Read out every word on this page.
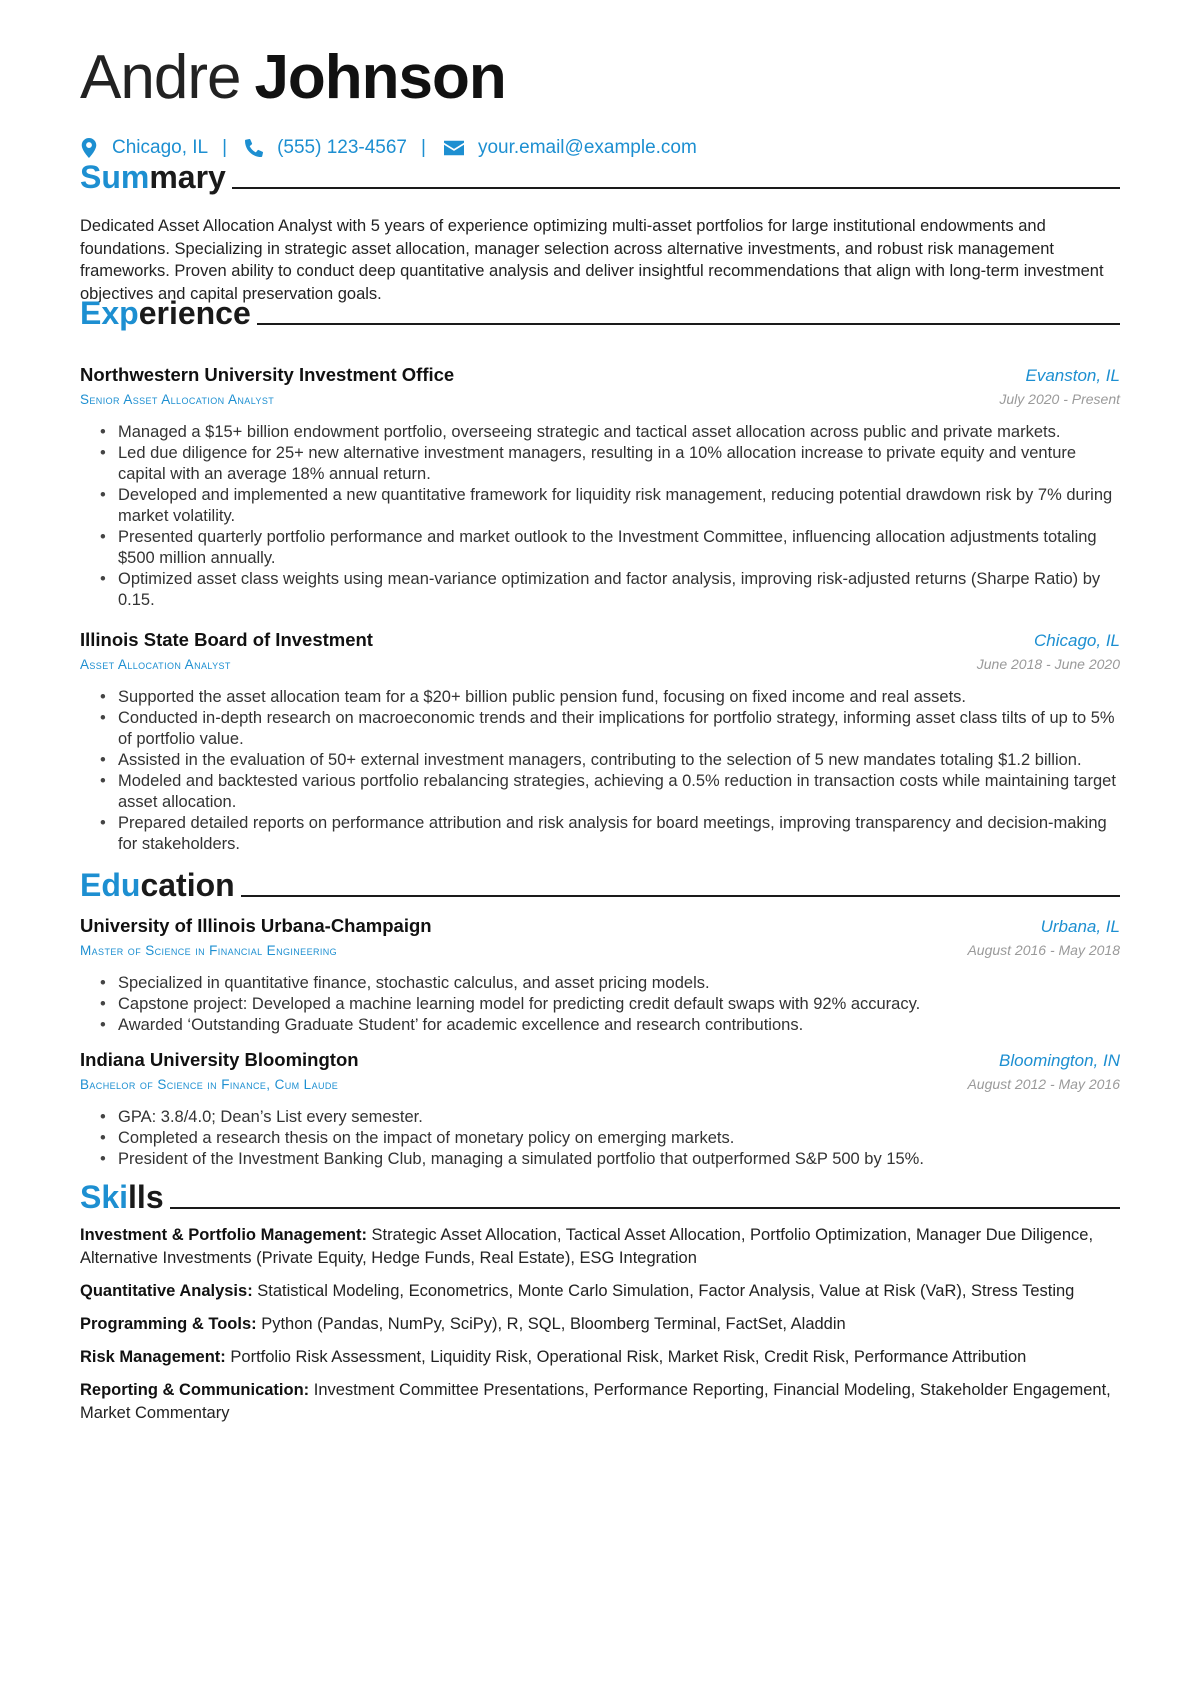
Andre Johnson
Chicago, IL |	(555) 123-4567 |	your.email@example.com
Summary

Dedicated Asset Allocation Analyst with 5 years of experience optimizing multi-asset portfolios for large institutional endowments and foundations. Specializing in strategic asset allocation, manager selection across alternative investments, and robust risk management frameworks. Proven ability to conduct deep quantitative analysis and deliver insightful recommendations that align with long-term investment objectives and capital preservation goals.

Experience
Northwestern University Investment Office	Evanston, IL
Senior Asset Allocation Analyst	July 2020 - Present
• Managed a $15+ billion endowment portfolio, overseeing strategic and tactical asset allocation across public and private markets.
• Led due diligence for 25+ new alternative investment managers, resulting in a 10% allocation increase to private equity and venture capital with an average 18% annual return.
• Developed and implemented a new quantitative framework for liquidity risk management, reducing potential drawdown risk by 7% during market volatility.
• Presented quarterly portfolio performance and market outlook to the Investment Committee, influencing allocation adjustments totaling $500 million annually.
• Optimized asset class weights using mean-variance optimization and factor analysis, improving risk-adjusted returns (Sharpe Ratio) by 0.15.
Illinois State Board of Investment	Chicago, IL
Asset Allocation Analyst	June 2018 - June 2020
• Supported the asset allocation team for a $20+ billion public pension fund, focusing on fixed income and real assets.
• Conducted in-depth research on macroeconomic trends and their implications for portfolio strategy, informing asset class tilts of up to 5% of portfolio value.
• Assisted in the evaluation of 50+ external investment managers, contributing to the selection of 5 new mandates totaling $1.2 billion.
• Modeled and backtested various portfolio rebalancing strategies, achieving a 0.5% reduction in transaction costs while maintaining target asset allocation.
• Prepared detailed reports on performance attribution and risk analysis for board meetings, improving transparency and decision-making for stakeholders.
Education
University of Illinois Urbana-Champaign	Urbana, IL
Master of Science in Financial Engineering	August 2016 - May 2018
• Specialized in quantitative finance, stochastic calculus, and asset pricing models.
• Capstone project: Developed a machine learning model for predicting credit default swaps with 92% accuracy.
• Awarded ‘Outstanding Graduate Student’ for academic excellence and research contributions.
Indiana University Bloomington	Bloomington, IN
Bachelor of Science in Finance, Cum Laude	August 2012 - May 2016
• GPA: 3.8/4.0; Dean’s List every semester.
• Completed a research thesis on the impact of monetary policy on emerging markets.
• President of the Investment Banking Club, managing a simulated portfolio that outperformed S&P 500 by 15%.
Skills

Investment & Portfolio Management: Strategic Asset Allocation, Tactical Asset Allocation, Portfolio Optimization, Manager Due Diligence, Alternative Investments (Private Equity, Hedge Funds, Real Estate), ESG Integration

Quantitative Analysis: Statistical Modeling, Econometrics, Monte Carlo Simulation, Factor Analysis, Value at Risk (VaR), Stress Testing

Programming & Tools: Python (Pandas, NumPy, SciPy), R, SQL, Bloomberg Terminal, FactSet, Aladdin

Risk Management: Portfolio Risk Assessment, Liquidity Risk, Operational Risk, Market Risk, Credit Risk, Performance Attribution

Reporting & Communication: Investment Committee Presentations, Performance Reporting, Financial Modeling, Stakeholder Engagement, Market Commentary
